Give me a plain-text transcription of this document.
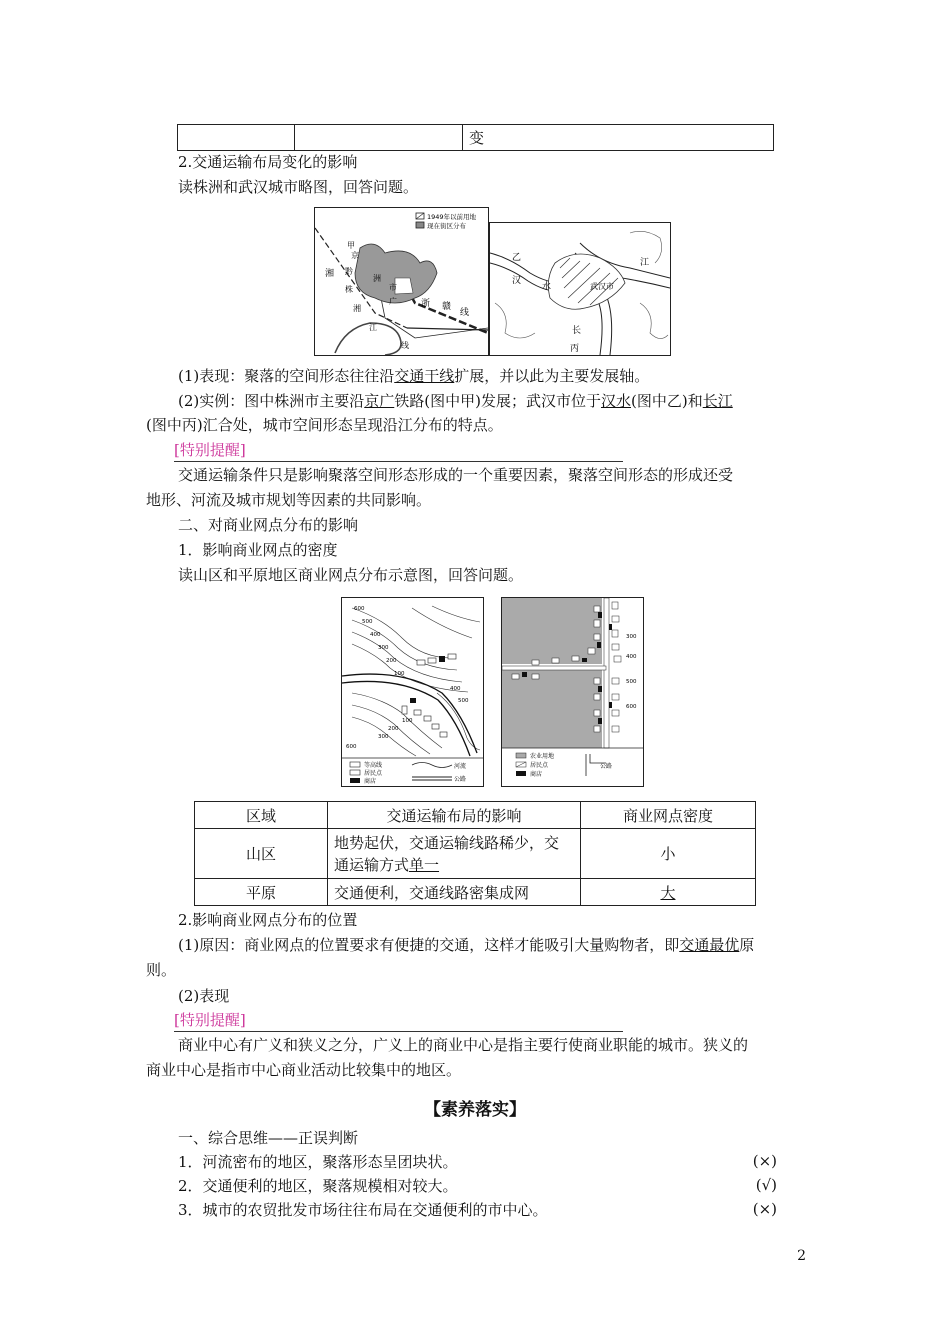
		变
2.交通运输布局变化的影响
读株洲和武汉城市略图，回答问题。
1949年以前用地
现在街区分布
甲
京
湘 黔
株
洲
市
广	浙 赣
线
湘
江
线
乙
汉
水
江
武汉市
长
丙
(1)表现：聚落的空间形态往往沿交通干线扩展，并以此为主要发展轴。
(2)实例：图中株洲市主要沿京广铁路(图中甲)发展；武汉市位于汉水(图中乙)和长江
(图中丙)汇合处，城市空间形态呈现沿江分布的特点。
[特别提醒]
交通运输条件只是影响聚落空间形态形成的一个重要因素，聚落空间形态的形成还受
地形、河流及城市规划等因素的共同影响。
二、对商业网点分布的影响
1．影响商业网点的密度
读山区和平原地区商业网点分布示意图，回答问题。
600
500
400
300
200
100
100
200
300
400
500
600
等高线
居民点
商店
河流
公路
300
400
500
600
农业用地
居民点
商店
公路
区域	交通运输布局的影响	商业网点密度
山区	地势起伏，交通运输线路稀少，交
通运输方式单一	小
平原	交通便利，交通线路密集成网	大
2.影响商业网点分布的位置
(1)原因：商业网点的位置要求有便捷的交通，这样才能吸引大量购物者，即交通最优原
则。
(2)表现
[特别提醒]
商业中心有广义和狭义之分，广义上的商业中心是指主要行使商业职能的城市。狭义的
商业中心是指市中心商业活动比较集中的地区。
【素养落实】
一、综合思维——正误判断
1．河流密布的地区，聚落形态呈团块状。	(×)
2．交通便利的地区，聚落规模相对较大。	(√)
3．城市的农贸批发市场往往布局在交通便利的市中心。	(×)
2
